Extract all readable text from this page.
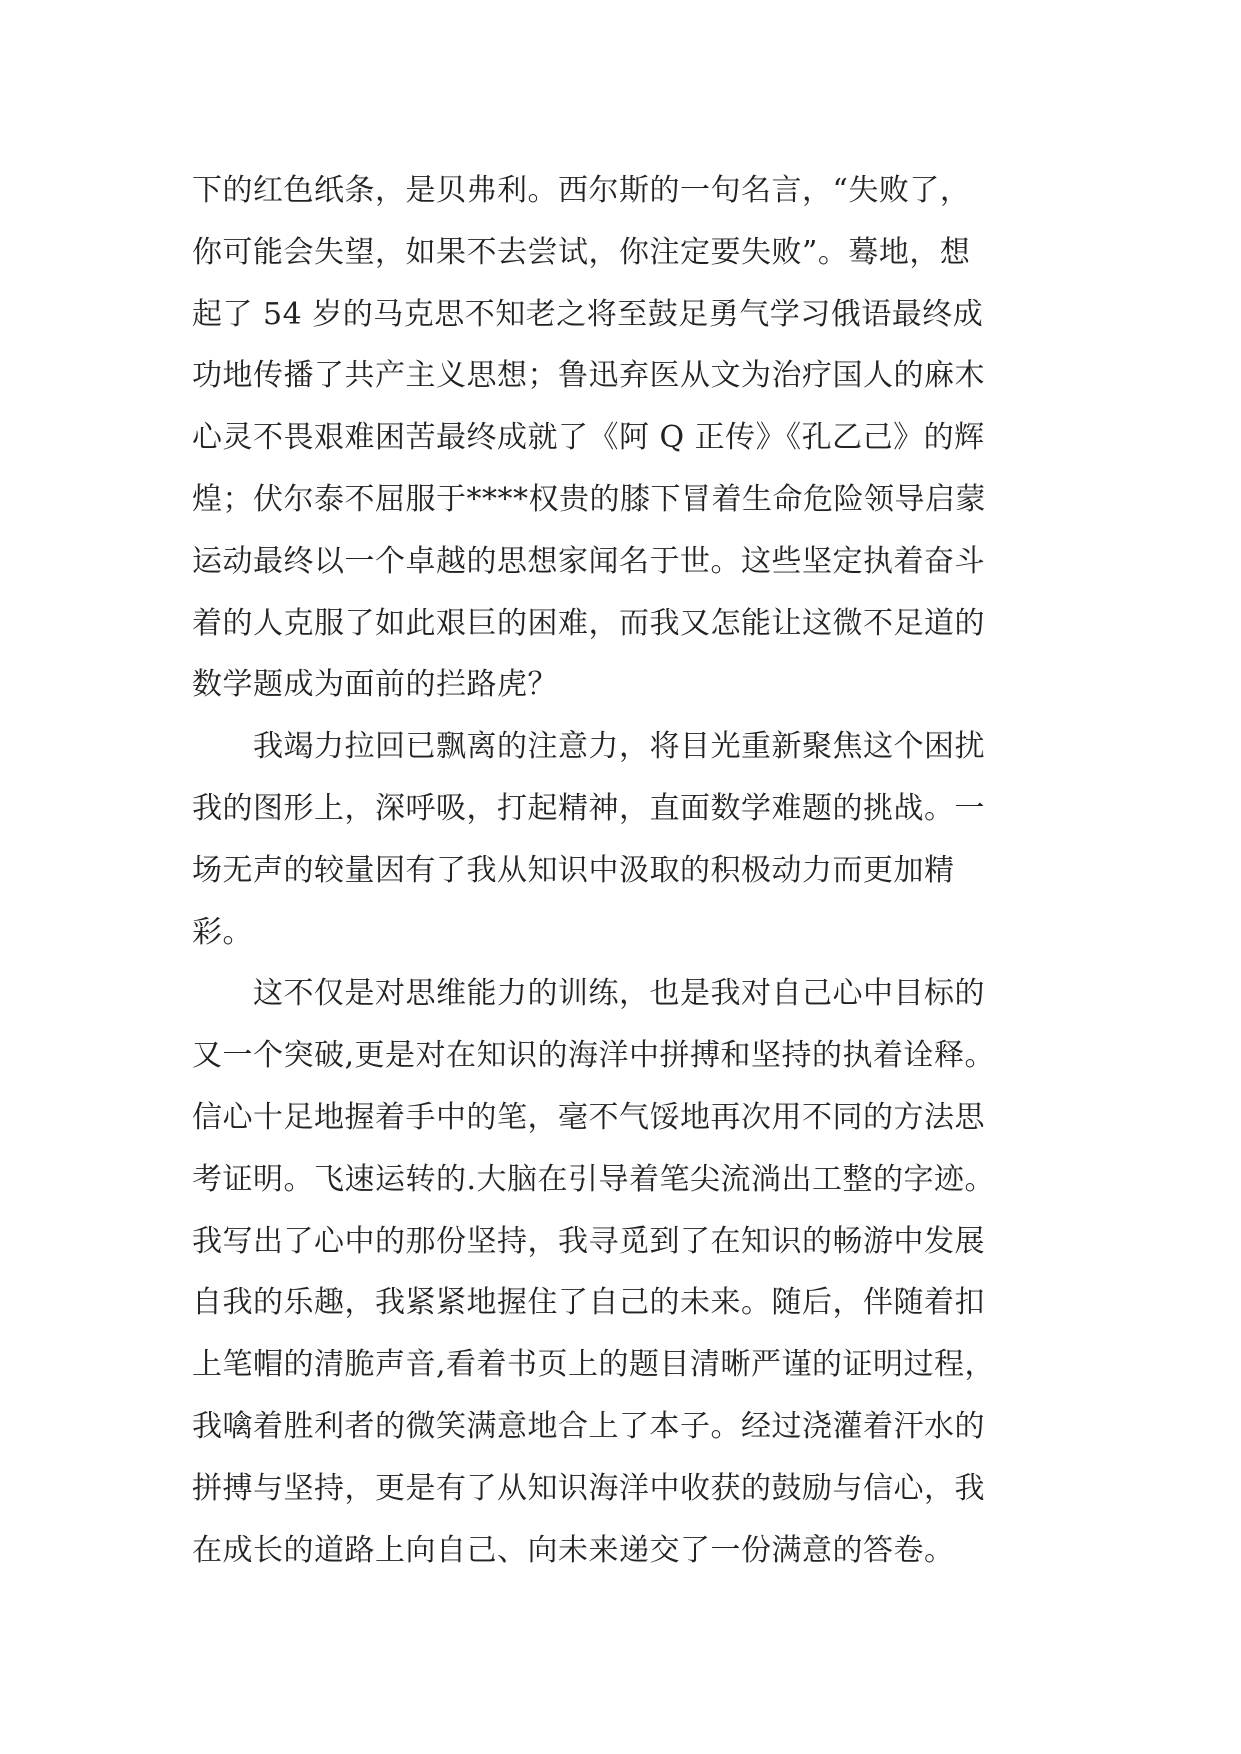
下的红色纸条，是贝弗利。西尔斯的一句名言，“失败了，
你可能会失望，如果不去尝试，你注定要失败”。蓦地，想
起了 54 岁的马克思不知老之将至鼓足勇气学习俄语最终成
功地传播了共产主义思想；鲁迅弃医从文为治疗国人的麻木
心灵不畏艰难困苦最终成就了《阿 Q 正传》《孔乙己》的辉
煌；伏尔泰不屈服于****权贵的膝下冒着生命危险领导启蒙
运动最终以一个卓越的思想家闻名于世。这些坚定执着奋斗
着的人克服了如此艰巨的困难，而我又怎能让这微不足道的
数学题成为面前的拦路虎？
　　我竭力拉回已飘离的注意力，将目光重新聚焦这个困扰
我的图形上，深呼吸，打起精神，直面数学难题的挑战。一
场无声的较量因有了我从知识中汲取的积极动力而更加精
彩。
　　这不仅是对思维能力的训练，也是我对自己心中目标的
又一个突破,更是对在知识的海洋中拼搏和坚持的执着诠释。
信心十足地握着手中的笔，毫不气馁地再次用不同的方法思
考证明。飞速运转的.大脑在引导着笔尖流淌出工整的字迹。
我写出了心中的那份坚持，我寻觅到了在知识的畅游中发展
自我的乐趣，我紧紧地握住了自己的未来。随后，伴随着扣
上笔帽的清脆声音,看着书页上的题目清晰严谨的证明过程，
我噙着胜利者的微笑满意地合上了本子。经过浇灌着汗水的
拼搏与坚持，更是有了从知识海洋中收获的鼓励与信心，我
在成长的道路上向自己、向未来递交了一份满意的答卷。
